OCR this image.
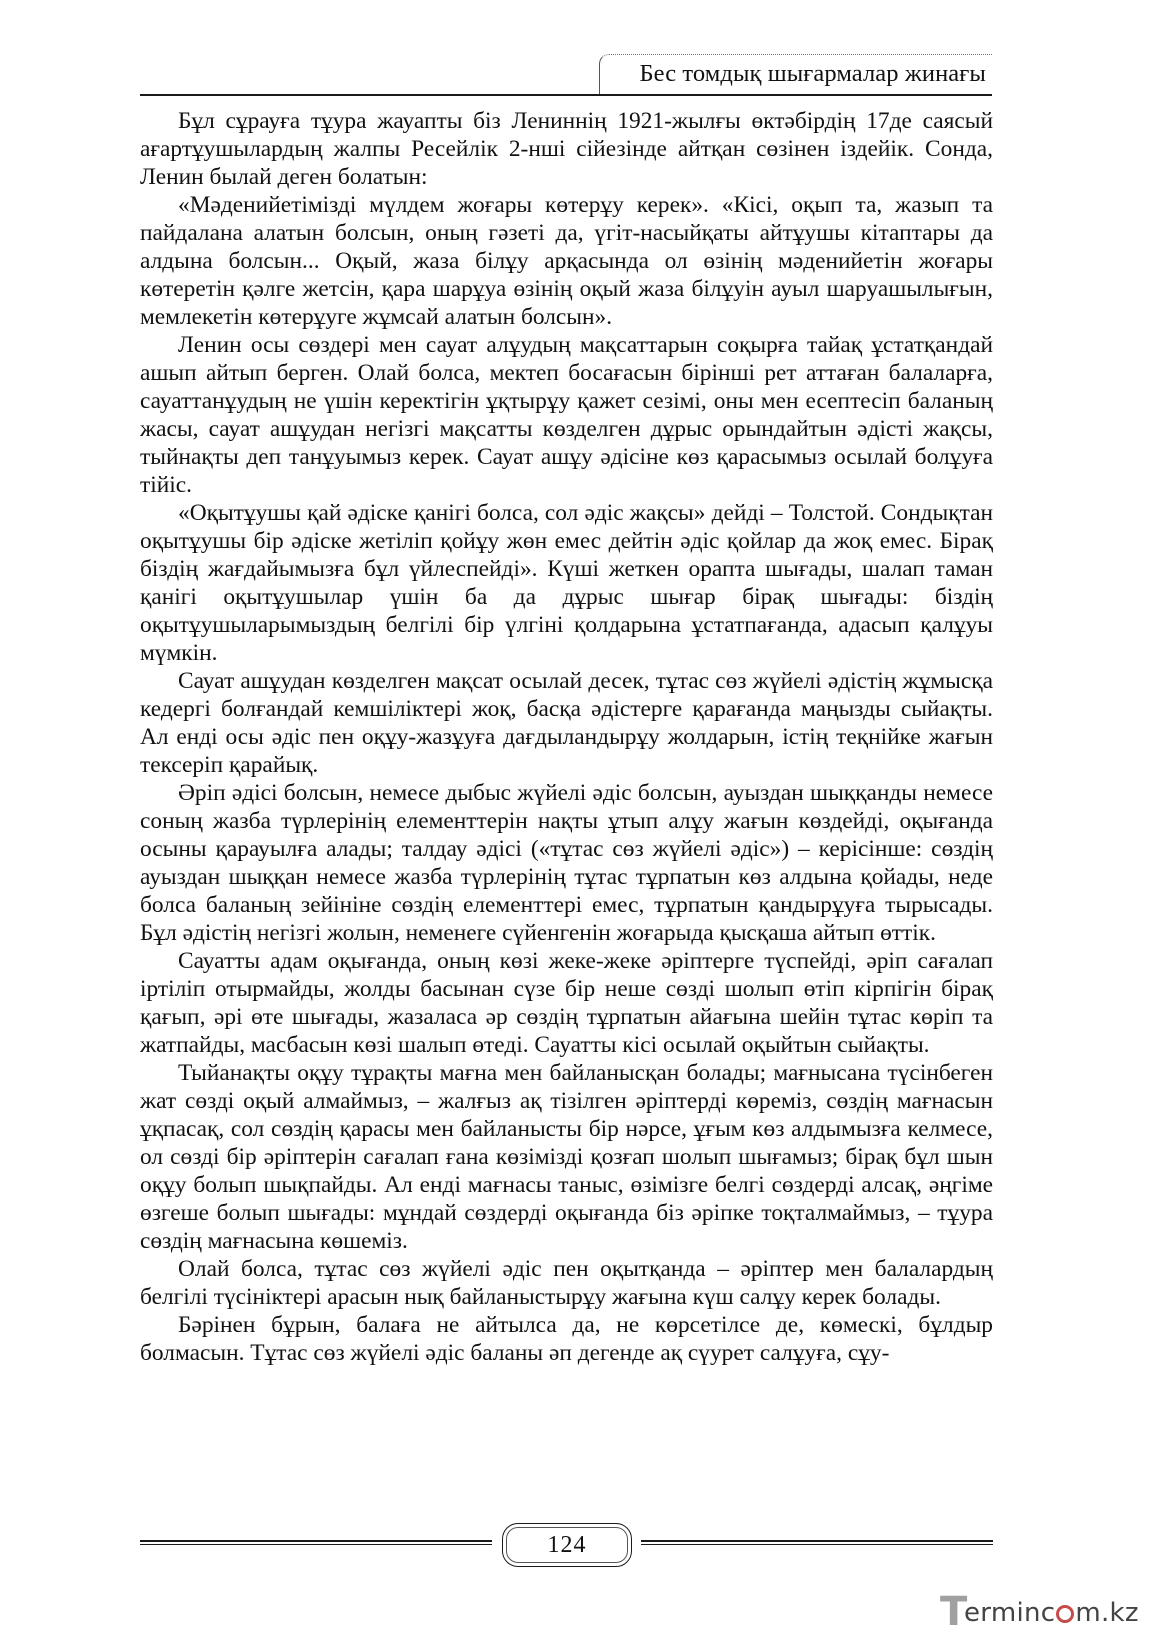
Бес томдық шығармалар жинағы

Бұл сұрауға тұура жауапты біз Лениннің 1921-жылғы өктәбірдің 17де саясый ағартұушылардың жалпы Ресейлік 2-нші сійезінде айтқан сөзінен іздейік. Сонда, Ленин былай деген болатын:

«Мәденийетімізді мүлдем жоғары көтерұу керек». «Кісі, оқып та, жазып та пайдалана алатын болсын, оның гәзеті да, үгіт-насыйқаты айтұушы кітаптары да алдына болсын... Оқый, жаза білұу арқасында ол өзінің мәденийетін жоғары көтеретін қәлге жетсін, қара шарұуа өзінің оқый жаза білұуін ауыл шаруашылығын, мемлекетін көтерұуге жұмсай алатын болсын».

Ленин осы сөздері мен сауат алұудың мақсаттарын соқырға тайақ ұстатқандай ашып айтып берген. Олай болса, мектеп босағасын бірінші рет аттаған балаларға, сауаттанұудың не үшін керектігін ұқтырұу қажет сезімі, оны мен есептесіп баланың жасы, сауат ашұудан негізгі мақсатты көзделген дұрыс орындайтын әдісті жақсы, тыйнақты деп танұуымыз керек. Сауат ашұу әдісіне көз қарасымыз осылай болұуға тійіс.

«Оқытұушы қай әдіске қанігі болса, сол әдіс жақсы» дейді – Толстой. Сондықтан оқытұушы бір әдіске жетіліп қойұу жөн емес дейтін әдіс қойлар да жоқ емес. Бірақ біздің жағдайымызға бұл үйлеспейді». Күші жеткен орапта шығады, шалап таман қанігі оқытұушылар үшін ба да дұрыс шығар бірақ шығады: біздің оқытұушыларымыздың белгілі бір үлгіні қолдарына ұстатпағанда, адасып қалұуы мүмкін.

Сауат ашұудан көзделген мақсат осылай десек, тұтас сөз жүйелі әдістің жұмысқа кедергі болғандай кемшіліктері жоқ, басқа әдістерге қарағанда маңызды сыйақты. Ал енді осы әдіс пен оқұу-жазұуға дағдыландырұу жолдарын, істің теқнійке жағын тексеріп қарайық.

Әріп әдісі болсын, немесе дыбыс жүйелі әдіс болсын, ауыздан шыққанды немесе соның жазба түрлерінің елементтерін нақты ұтып алұу жағын көздейді, оқығанда осыны қарауылға алады; талдау әдісі («тұтас сөз жүйелі әдіс») – керісінше: сөздің ауыздан шыққан немесе жазба түрлерінің тұтас тұрпатын көз алдына қойады, неде болса баланың зейініне сөздің елементтері емес, тұрпатын қандырұуға тырысады. Бұл әдістің негізгі жолын, неменеге сүйенгенін жоғарыда қысқаша айтып өттік.

Сауатты адам оқығанда, оның көзі жеке-жеке әріптерге түспейді, әріп сағалап іртіліп отырмайды, жолды басынан сүзе бір неше сөзді шолып өтіп кірпігін бірақ қағып, әрі өте шығады, жазаласа әр сөздің тұрпатын айағына шейін тұтас көріп та жатпайды, масбасын көзі шалып өтеді. Сауатты кісі осылай оқыйтын сыйақты.

Тыйанақты оқұу тұрақты мағна мен байланысқан болады; мағнысана түсінбеген жат сөзді оқый алмаймыз, – жалғыз ақ тізілген әріптерді көреміз, сөздің мағнасын ұқпасақ, сол сөздің қарасы мен байланысты бір нәрсе, ұғым көз алдымызға келмесе, ол сөзді бір әріптерін сағалап ғана көзімізді қозғап шолып шығамыз; бірақ бұл шын оқұу болып шықпайды. Ал енді мағнасы таныс, өзімізге белгі сөздерді алсақ, әңгіме өзгеше болып шығады: мұндай сөздерді оқығанда біз әріпке тоқталмаймыз, – тұура сөздің мағнасына көшеміз.

Олай болса, тұтас сөз жүйелі әдіс пен оқытқанда – әріптер мен балалардың белгілі түсініктері арасын нық байланыстырұу жағына күш салұу керек болады.

Бәрінен бұрын, балаға не айтылса да, не көрсетілсе де, көмескі, бұлдыр болмасын. Тұтас сөз жүйелі әдіс баланы әп дегенде ақ сүурет салұуға, сұу-

124
T
erminc m.kz
